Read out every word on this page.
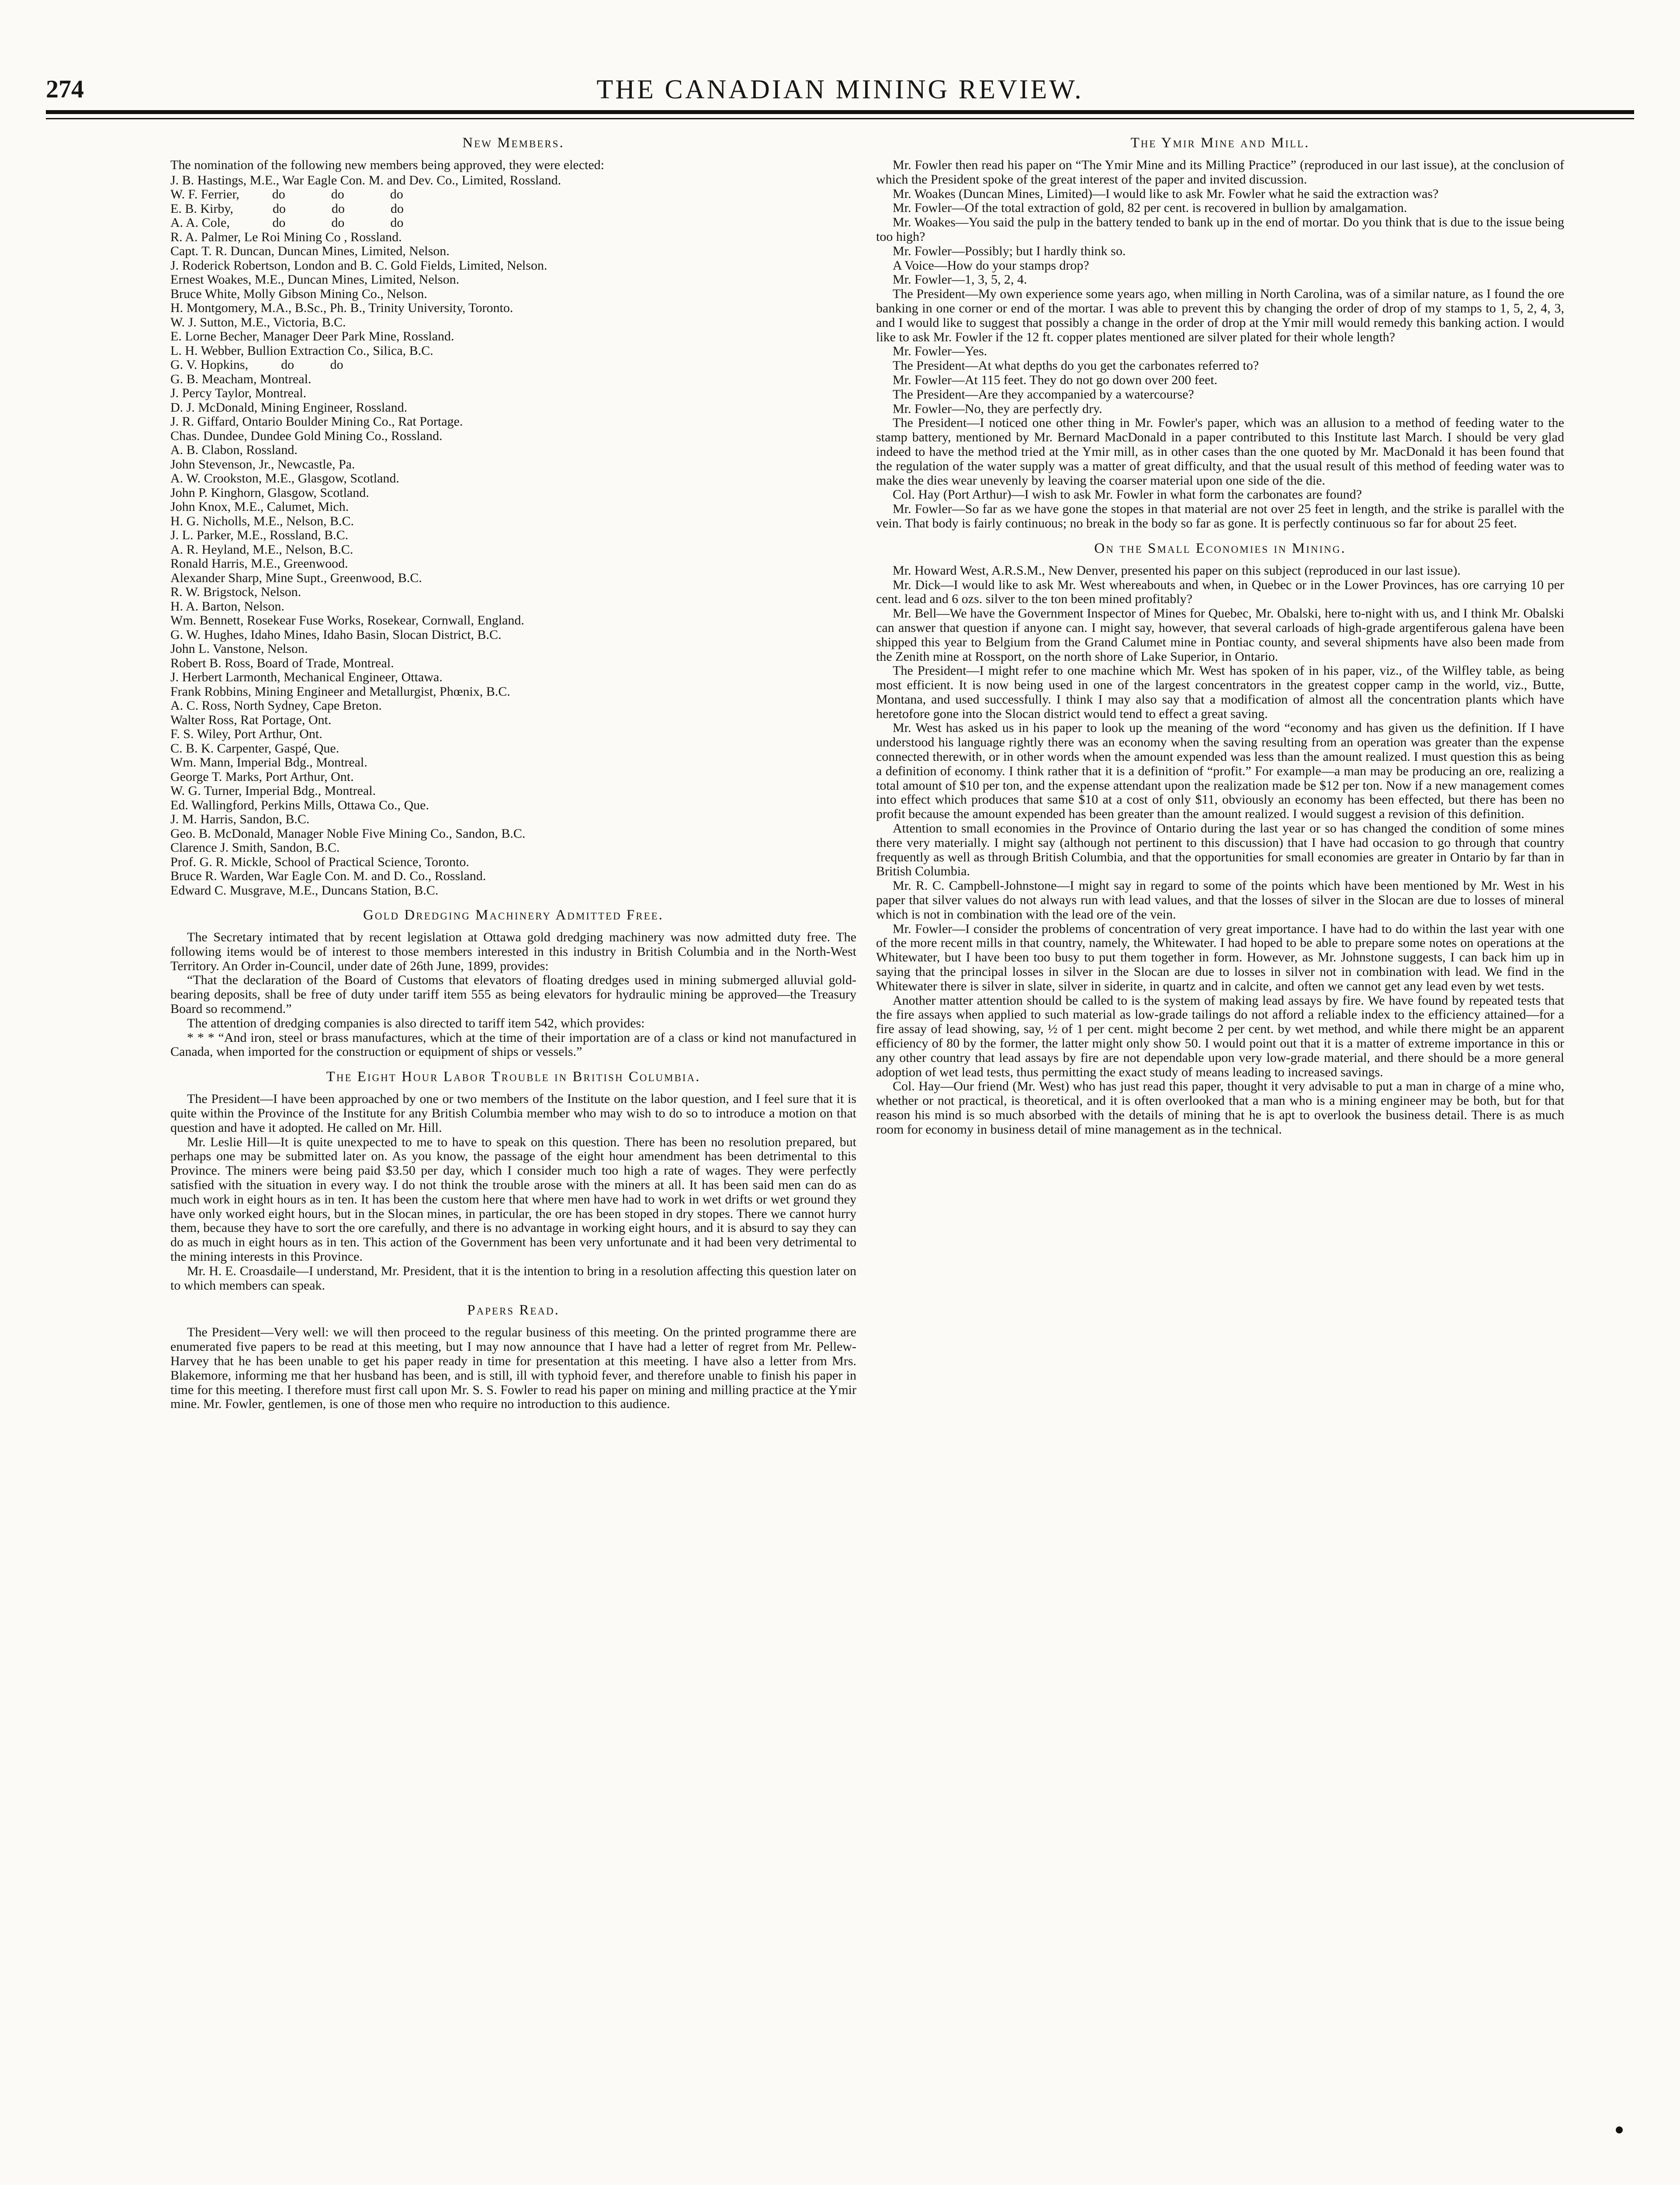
274	THE CANADIAN MINING REVIEW.
New Members.

The nomination of the following new members being approved, they were elected:

J. B. Hastings, M.E., War Eagle Con. M. and Dev. Co., Limited, Rossland.

W. F. Ferrier,          do              do              do

E. B. Kirby,            do              do              do

A. A. Cole,             do              do              do

R. A. Palmer, Le Roi Mining Co , Rossland.

Capt. T. R. Duncan, Duncan Mines, Limited, Nelson.

J. Roderick Robertson, London and B. C. Gold Fields, Limited, Nelson.

Ernest Woakes, M.E., Duncan Mines, Limited, Nelson.

Bruce White, Molly Gibson Mining Co., Nelson.

H. Montgomery, M.A., B.Sc., Ph. B., Trinity University, Toronto.

W. J. Sutton, M.E., Victoria, B.C.

E. Lorne Becher, Manager Deer Park Mine, Rossland.

L. H. Webber, Bullion Extraction Co., Silica, B.C.

G. V. Hopkins,          do           do

G. B. Meacham, Montreal.

J. Percy Taylor, Montreal.

D. J. McDonald, Mining Engineer, Rossland.

J. R. Giffard, Ontario Boulder Mining Co., Rat Portage.

Chas. Dundee, Dundee Gold Mining Co., Rossland.

A. B. Clabon, Rossland.

John Stevenson, Jr., Newcastle, Pa.

A. W. Crookston, M.E., Glasgow, Scotland.

John P. Kinghorn, Glasgow, Scotland.

John Knox, M.E., Calumet, Mich.

H. G. Nicholls, M.E., Nelson, B.C.

J. L. Parker, M.E., Rossland, B.C.

A. R. Heyland, M.E., Nelson, B.C.

Ronald Harris, M.E., Greenwood.

Alexander Sharp, Mine Supt., Greenwood, B.C.

R. W. Brigstock, Nelson.

H. A. Barton, Nelson.

Wm. Bennett, Rosekear Fuse Works, Rosekear, Cornwall, England.

G. W. Hughes, Idaho Mines, Idaho Basin, Slocan District, B.C.

John L. Vanstone, Nelson.

Robert B. Ross, Board of Trade, Montreal.

J. Herbert Larmonth, Mechanical Engineer, Ottawa.

Frank Robbins, Mining Engineer and Metallurgist, Phœnix, B.C.

A. C. Ross, North Sydney, Cape Breton.

Walter Ross, Rat Portage, Ont.

F. S. Wiley, Port Arthur, Ont.

C. B. K. Carpenter, Gaspé, Que.

Wm. Mann, Imperial Bdg., Montreal.

George T. Marks, Port Arthur, Ont.

W. G. Turner, Imperial Bdg., Montreal.

Ed. Wallingford, Perkins Mills, Ottawa Co., Que.

J. M. Harris, Sandon, B.C.

Geo. B. McDonald, Manager Noble Five Mining Co., Sandon, B.C.

Clarence J. Smith, Sandon, B.C.

Prof. G. R. Mickle, School of Practical Science, Toronto.

Bruce R. Warden, War Eagle Con. M. and D. Co., Rossland.

Edward C. Musgrave, M.E., Duncans Station, B.C.

Gold Dredging Machinery Admitted Free.

The Secretary intimated that by recent legislation at Ottawa gold dredging machinery was now admitted duty free. The following items would be of interest to those members interested in this industry in British Columbia and in the North-West Territory. An Order in-Council, under date of 26th June, 1899, provides:

“That the declaration of the Board of Customs that elevators of floating dredges used in mining submerged alluvial gold-bearing deposits, shall be free of duty under tariff item 555 as being elevators for hydraulic mining be approved—the Treasury Board so recommend.”

The attention of dredging companies is also directed to tariff item 542, which provides:

* * * “And iron, steel or brass manufactures, which at the time of their importation are of a class or kind not manufactured in Canada, when imported for the construction or equipment of ships or vessels.”

The Eight Hour Labor Trouble in British Columbia.

The President—I have been approached by one or two members of the Institute on the labor question, and I feel sure that it is quite within the Province of the Institute for any British Columbia member who may wish to do so to introduce a motion on that question and have it adopted. He called on Mr. Hill.

Mr. Leslie Hill—It is quite unexpected to me to have to speak on this question. There has been no resolution prepared, but perhaps one may be submitted later on. As you know, the passage of the eight hour amendment has been detrimental to this Province. The miners were being paid $3.50 per day, which I consider much too high a rate of wages. They were perfectly satisfied with the situation in every way. I do not think the trouble arose with the miners at all. It has been said men can do as much work in eight hours as in ten. It has been the custom here that where men have had to work in wet drifts or wet ground they have only worked eight hours, but in the Slocan mines, in particular, the ore has been stoped in dry stopes. There we cannot hurry them, because they have to sort the ore carefully, and there is no advantage in working eight hours, and it is absurd to say they can do as much in eight hours as in ten. This action of the Government has been very unfortunate and it had been very detrimental to the mining interests in this Province.

Mr. H. E. Croasdaile—I understand, Mr. President, that it is the intention to bring in a resolution affecting this question later on to which members can speak.

Papers Read.

The President—Very well: we will then proceed to the regular business of this meeting. On the printed programme there are enumerated five papers to be read at this meeting, but I may now announce that I have had a letter of regret from Mr. Pellew-Harvey that he has been unable to get his paper ready in time for presentation at this meeting. I have also a letter from Mrs. Blakemore, informing me that her husband has been, and is still, ill with typhoid fever, and therefore unable to finish his paper in time for this meeting. I therefore must first call upon Mr. S. S. Fowler to read his paper on mining and milling practice at the Ymir mine. Mr. Fowler, gentlemen, is one of those men who require no introduction to this audience.

The Ymir Mine and Mill.

Mr. Fowler then read his paper on “The Ymir Mine and its Milling Practice” (reproduced in our last issue), at the conclusion of which the President spoke of the great interest of the paper and invited discussion.

Mr. Woakes (Duncan Mines, Limited)—I would like to ask Mr. Fowler what he said the extraction was?

Mr. Fowler—Of the total extraction of gold, 82 per cent. is recovered in bullion by amalgamation.

Mr. Woakes—You said the pulp in the battery tended to bank up in the end of mortar. Do you think that is due to the issue being too high?

Mr. Fowler—Possibly; but I hardly think so.

A Voice—How do your stamps drop?

Mr. Fowler—1, 3, 5, 2, 4.

The President—My own experience some years ago, when milling in North Carolina, was of a similar nature, as I found the ore banking in one corner or end of the mortar. I was able to prevent this by changing the order of drop of my stamps to 1, 5, 2, 4, 3, and I would like to suggest that possibly a change in the order of drop at the Ymir mill would remedy this banking action. I would like to ask Mr. Fowler if the 12 ft. copper plates mentioned are silver plated for their whole length?

Mr. Fowler—Yes.

The President—At what depths do you get the carbonates referred to?

Mr. Fowler—At 115 feet. They do not go down over 200 feet.

The President—Are they accompanied by a watercourse?

Mr. Fowler—No, they are perfectly dry.

The President—I noticed one other thing in Mr. Fowler's paper, which was an allusion to a method of feeding water to the stamp battery, mentioned by Mr. Bernard MacDonald in a paper contributed to this Institute last March. I should be very glad indeed to have the method tried at the Ymir mill, as in other cases than the one quoted by Mr. MacDonald it has been found that the regulation of the water supply was a matter of great difficulty, and that the usual result of this method of feeding water was to make the dies wear unevenly by leaving the coarser material upon one side of the die.

Col. Hay (Port Arthur)—I wish to ask Mr. Fowler in what form the carbonates are found?

Mr. Fowler—So far as we have gone the stopes in that material are not over 25 feet in length, and the strike is parallel with the vein. That body is fairly continuous; no break in the body so far as gone. It is perfectly continuous so far for about 25 feet.

On the Small Economies in Mining.

Mr. Howard West, A.R.S.M., New Denver, presented his paper on this subject (reproduced in our last issue).

Mr. Dick—I would like to ask Mr. West whereabouts and when, in Quebec or in the Lower Provinces, has ore carrying 10 per cent. lead and 6 ozs. silver to the ton been mined profitably?

Mr. Bell—We have the Government Inspector of Mines for Quebec, Mr. Obalski, here to-night with us, and I think Mr. Obalski can answer that question if anyone can. I might say, however, that several carloads of high-grade argentiferous galena have been shipped this year to Belgium from the Grand Calumet mine in Pontiac county, and several shipments have also been made from the Zenith mine at Rossport, on the north shore of Lake Superior, in Ontario.

The President—I might refer to one machine which Mr. West has spoken of in his paper, viz., of the Wilfley table, as being most efficient. It is now being used in one of the largest concentrators in the greatest copper camp in the world, viz., Butte, Montana, and used successfully. I think I may also say that a modification of almost all the concentration plants which have heretofore gone into the Slocan district would tend to effect a great saving.

Mr. West has asked us in his paper to look up the meaning of the word “economy and has given us the definition. If I have understood his language rightly there was an economy when the saving resulting from an operation was greater than the expense connected therewith, or in other words when the amount expended was less than the amount realized. I must question this as being a definition of economy. I think rather that it is a definition of “profit.” For example—a man may be producing an ore, realizing a total amount of $10 per ton, and the expense attendant upon the realization made be $12 per ton. Now if a new management comes into effect which produces that same $10 at a cost of only $11, obviously an economy has been effected, but there has been no profit because the amount expended has been greater than the amount realized. I would suggest a revision of this definition.

Attention to small economies in the Province of Ontario during the last year or so has changed the condition of some mines there very materially. I might say (although not pertinent to this discussion) that I have had occasion to go through that country frequently as well as through British Columbia, and that the opportunities for small economies are greater in Ontario by far than in British Columbia.

Mr. R. C. Campbell-Johnstone—I might say in regard to some of the points which have been mentioned by Mr. West in his paper that silver values do not always run with lead values, and that the losses of silver in the Slocan are due to losses of mineral which is not in combination with the lead ore of the vein.

Mr. Fowler—I consider the problems of concentration of very great importance. I have had to do within the last year with one of the more recent mills in that country, namely, the Whitewater. I had hoped to be able to prepare some notes on operations at the Whitewater, but I have been too busy to put them together in form. However, as Mr. Johnstone suggests, I can back him up in saying that the principal losses in silver in the Slocan are due to losses in silver not in combination with lead. We find in the Whitewater there is silver in slate, silver in siderite, in quartz and in calcite, and often we cannot get any lead even by wet tests.

Another matter attention should be called to is the system of making lead assays by fire. We have found by repeated tests that the fire assays when applied to such material as low-grade tailings do not afford a reliable index to the efficiency attained—for a fire assay of lead showing, say, ½ of 1 per cent. might become 2 per cent. by wet method, and while there might be an apparent efficiency of 80 by the former, the latter might only show 50. I would point out that it is a matter of extreme importance in this or any other country that lead assays by fire are not dependable upon very low-grade material, and there should be a more general adoption of wet lead tests, thus permitting the exact study of means leading to increased savings.

Col. Hay—Our friend (Mr. West) who has just read this paper, thought it very advisable to put a man in charge of a mine who, whether or not practical, is theoretical, and it is often overlooked that a man who is a mining engineer may be both, but for that reason his mind is so much absorbed with the details of mining that he is apt to overlook the business detail. There is as much room for economy in business detail of mine management as in the technical.
